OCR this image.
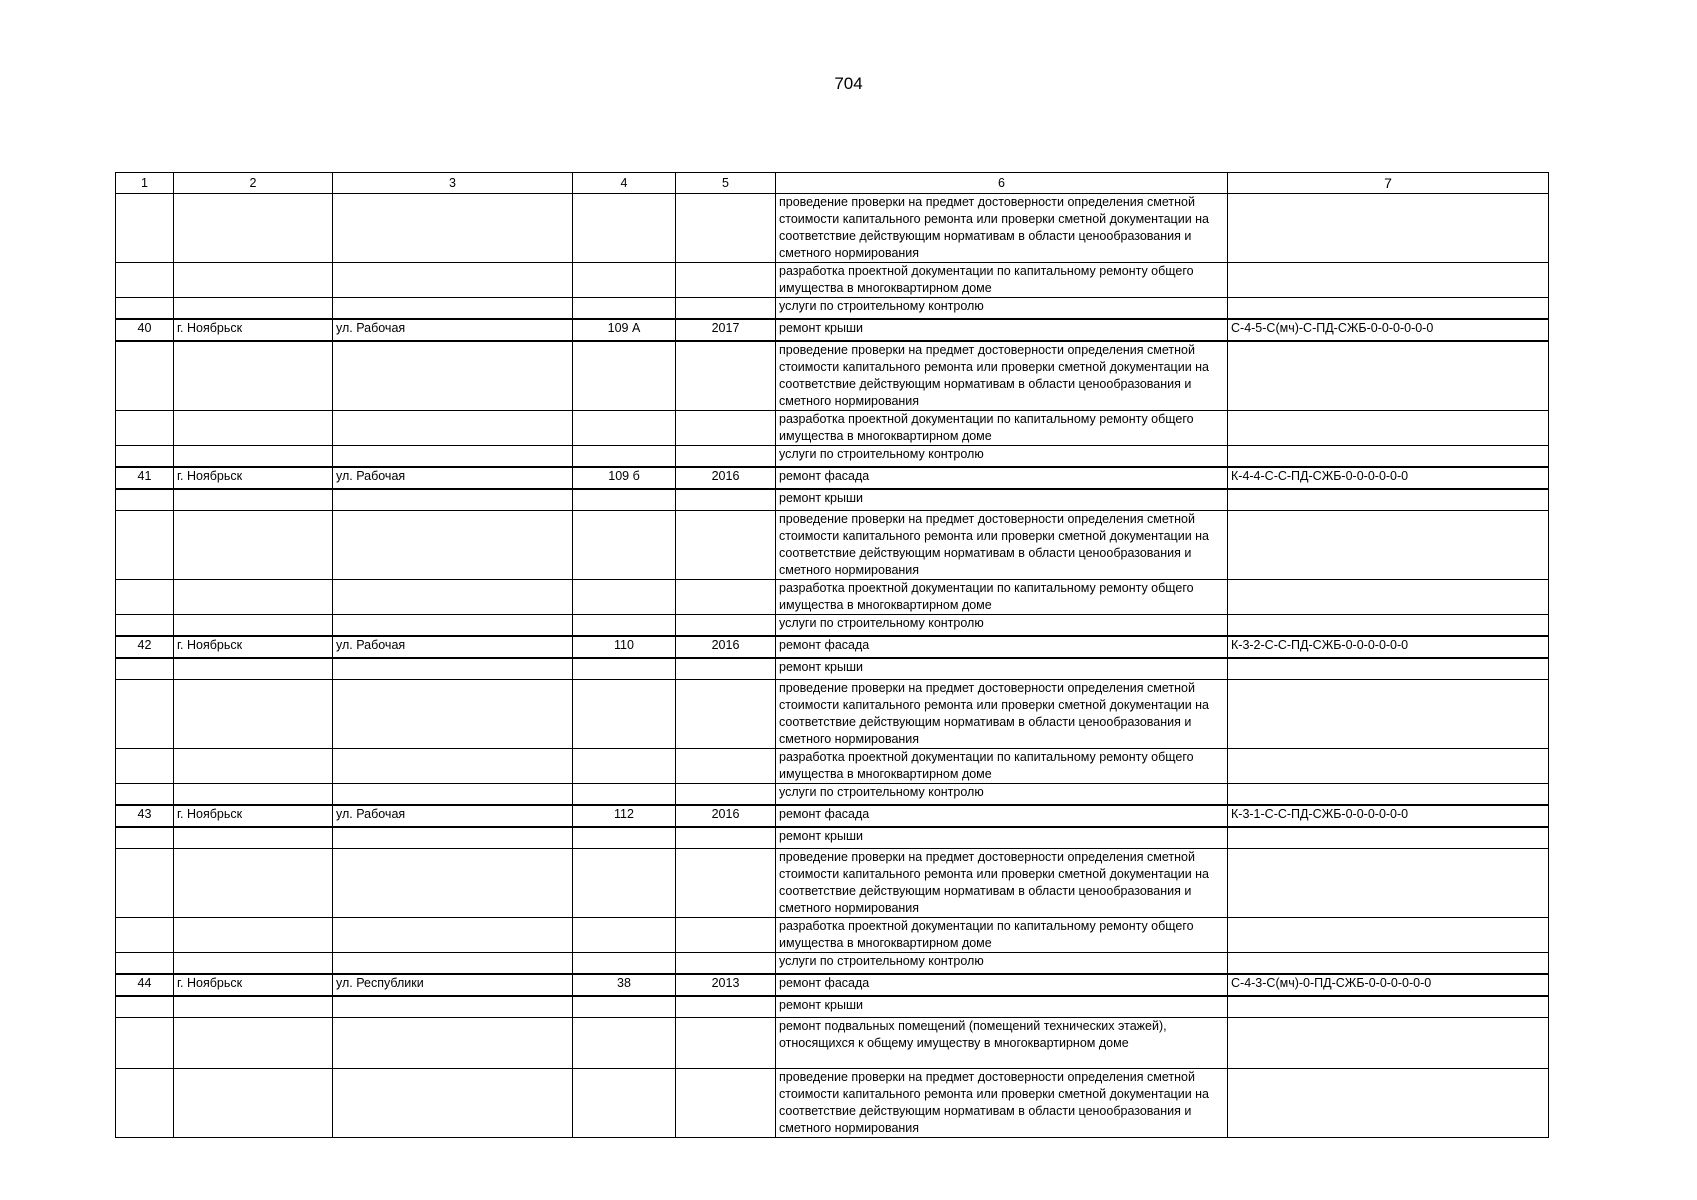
704
1	2	3	4	5	6	7
					проведение проверки на предмет достоверности определения сметной стоимости капитального ремонта или проверки сметной документации на соответствие действующим нормативам в области ценообразования и сметного нормирования	
					разработка проектной документации по капитальному ремонту общего имущества в многоквартирном доме	
					услуги по строительному контролю	
40	г. Ноябрьск	ул. Рабочая	109 А	2017	ремонт крыши	С-4-5-С(мч)-С-ПД-СЖБ-0-0-0-0-0-0
					проведение проверки на предмет достоверности определения сметной стоимости капитального ремонта или проверки сметной документации на соответствие действующим нормативам в области ценообразования и сметного нормирования	
					разработка проектной документации по капитальному ремонту общего имущества в многоквартирном доме	
					услуги по строительному контролю	
41	г. Ноябрьск	ул. Рабочая	109 б	2016	ремонт фасада	К-4-4-С-С-ПД-СЖБ-0-0-0-0-0-0
					ремонт крыши	
					проведение проверки на предмет достоверности определения сметной стоимости капитального ремонта или проверки сметной документации на соответствие действующим нормативам в области ценообразования и сметного нормирования	
					разработка проектной документации по капитальному ремонту общего имущества в многоквартирном доме	
					услуги по строительному контролю	
42	г. Ноябрьск	ул. Рабочая	110	2016	ремонт фасада	К-3-2-С-С-ПД-СЖБ-0-0-0-0-0-0
					ремонт крыши	
					проведение проверки на предмет достоверности определения сметной стоимости капитального ремонта или проверки сметной документации на соответствие действующим нормативам в области ценообразования и сметного нормирования	
					разработка проектной документации по капитальному ремонту общего имущества в многоквартирном доме	
					услуги по строительному контролю	
43	г. Ноябрьск	ул. Рабочая	112	2016	ремонт фасада	К-3-1-С-С-ПД-СЖБ-0-0-0-0-0-0
					ремонт крыши	
					проведение проверки на предмет достоверности определения сметной стоимости капитального ремонта или проверки сметной документации на соответствие действующим нормативам в области ценообразования и сметного нормирования	
					разработка проектной документации по капитальному ремонту общего имущества в многоквартирном доме	
					услуги по строительному контролю	
44	г. Ноябрьск	ул. Республики	38	2013	ремонт фасада	С-4-3-С(мч)-0-ПД-СЖБ-0-0-0-0-0-0
					ремонт крыши	
					ремонт подвальных помещений (помещений технических этажей), относящихся к общему имуществу в многоквартирном доме	
					проведение проверки на предмет достоверности определения сметной стоимости капитального ремонта или проверки сметной документации на соответствие действующим нормативам в области ценообразования и сметного нормирования	
